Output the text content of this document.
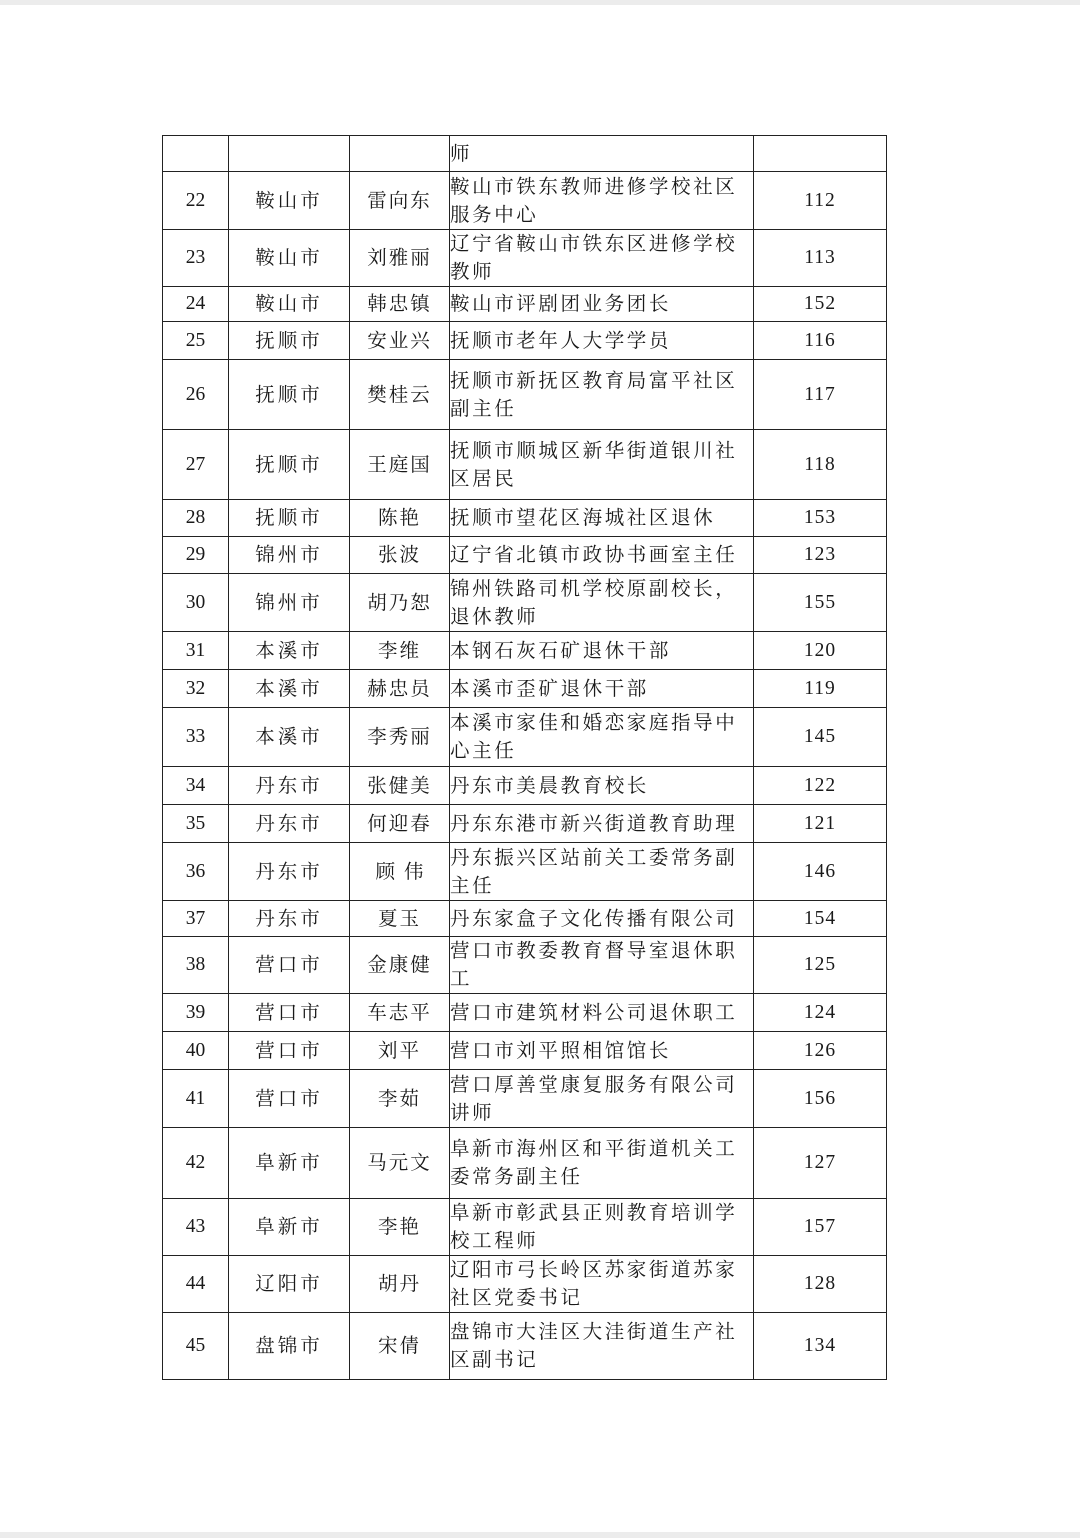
			师	
22	鞍山市	雷向东	鞍山市铁东教师进修学校社区服务中心	112
23	鞍山市	刘雅丽	辽宁省鞍山市铁东区进修学校教师	113
24	鞍山市	韩忠镇	鞍山市评剧团业务团长	152
25	抚顺市	安业兴	抚顺市老年人大学学员	116
26	抚顺市	樊桂云	抚顺市新抚区教育局富平社区副主任	117
27	抚顺市	王庭国	抚顺市顺城区新华街道银川社区居民	118
28	抚顺市	陈艳	抚顺市望花区海城社区退休	153
29	锦州市	张波	辽宁省北镇市政协书画室主任	123
30	锦州市	胡乃恕	锦州铁路司机学校原副校长，退休教师	155
31	本溪市	李维	本钢石灰石矿退休干部	120
32	本溪市	赫忠员	本溪市歪矿退休干部	119
33	本溪市	李秀丽	本溪市家佳和婚恋家庭指导中心主任	145
34	丹东市	张健美	丹东市美晨教育校长	122
35	丹东市	何迎春	丹东东港市新兴街道教育助理	121
36	丹东市	顾伟	丹东振兴区站前关工委常务副主任	146
37	丹东市	夏玉	丹东家盒子文化传播有限公司	154
38	营口市	金康健	营口市教委教育督导室退休职工	125
39	营口市	车志平	营口市建筑材料公司退休职工	124
40	营口市	刘平	营口市刘平照相馆馆长	126
41	营口市	李茹	营口厚善堂康复服务有限公司讲师	156
42	阜新市	马元文	阜新市海州区和平街道机关工委常务副主任	127
43	阜新市	李艳	阜新市彰武县正则教育培训学校工程师	157
44	辽阳市	胡丹	辽阳市弓长岭区苏家街道苏家社区党委书记	128
45	盘锦市	宋倩	盘锦市大洼区大洼街道生产社区副书记	134
